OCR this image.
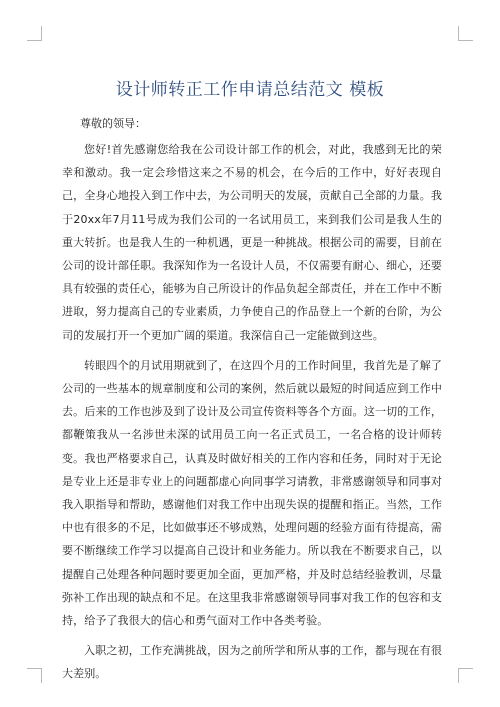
设计师转正工作申请总结范文 模板

尊敬的领导：

您好!首先感谢您给我在公司设计部工作的机会，对此，我感到无比的荣幸和激动。我一定会珍惜这来之不易的机会，在今后的工作中，好好表现自己，全身心地投入到工作中去，为公司明天的发展，贡献自己全部的力量。我于20xx年7月11号成为我们公司的一名试用员工，来到我们公司是我人生的重大转折。也是我人生的一种机遇，更是一种挑战。根据公司的需要，目前在公司的设计部任职。我深知作为一名设计人员，不仅需要有耐心、细心，还要具有较强的责任心，能够为自己所设计的作品负起全部责任，并在工作中不断进取，努力提高自己的专业素质，力争使自己的作品登上一个新的台阶，为公司的发展打开一个更加广阔的渠道。我深信自己一定能做到这些。

转眼四个的月试用期就到了，在这四个月的工作时间里，我首先是了解了公司的一些基本的规章制度和公司的案例，然后就以最短的时间适应到工作中去。后来的工作也涉及到了设计及公司宣传资料等各个方面。这一切的工作，都鞭策我从一名涉世未深的试用员工向一名正式员工，一名合格的设计师转变。我也严格要求自己，认真及时做好相关的工作内容和任务，同时对于无论是专业上还是非专业上的问题都虚心向同事学习请教，非常感谢领导和同事对我入职指导和帮助，感谢他们对我工作中出现失误的提醒和指正。当然，工作中也有很多的不足，比如做事还不够成熟，处理问题的经验方面有待提高，需要不断继续工作学习以提高自己设计和业务能力。所以我在不断要求自己，以提醒自己处理各种问题时要更加全面，更加严格，并及时总结经验教训，尽量弥补工作出现的缺点和不足。在这里我非常感谢领导同事对我工作的包容和支持，给予了我很大的信心和勇气面对工作中各类考验。

入职之初，工作充满挑战，因为之前所学和所从事的工作，都与现在有很大差别。
